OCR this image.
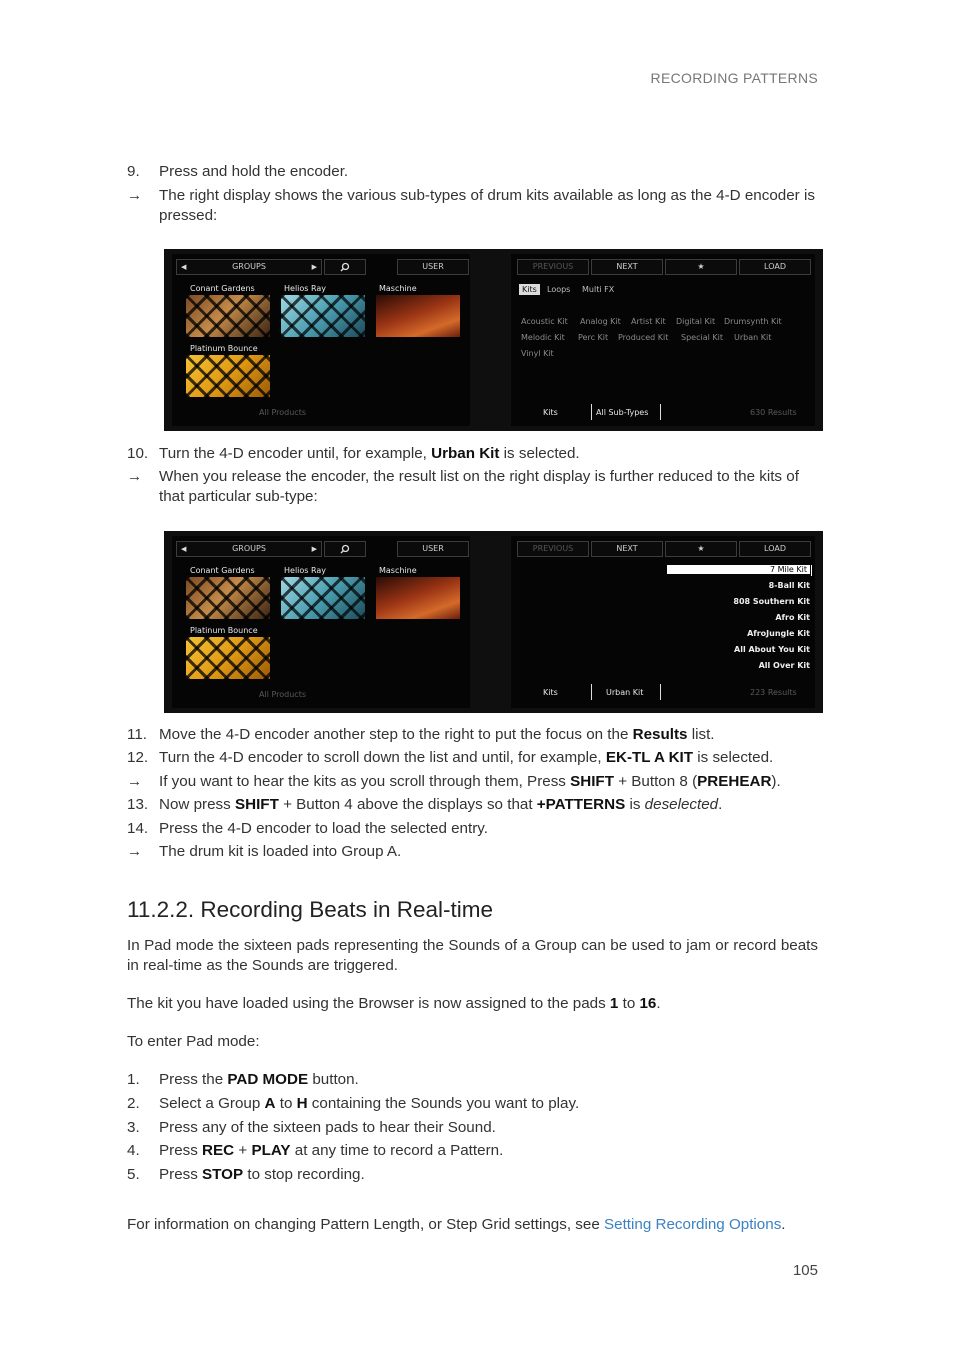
RECORDING PATTERNS
9. Press and hold the encoder.
→ The right display shows the various sub-types of drum kits available as long as the 4-D encoder is pressed:
◀	GROUPS	▶	USER
Conant Gardens	Helios Ray	Maschine
Platinum Bounce
All Products
PREVIOUS	NEXT	★	LOAD
Kits	Loops	Multi FX
Acoustic Kit Analog Kit Artist Kit Digital Kit Drumsynth Kit
Melodic Kit Perc Kit Produced Kit Special Kit Urban Kit
Vinyl Kit
Kits	All Sub-Types	630 Results
10. Turn the 4-D encoder until, for example, Urban Kit is selected.
→ When you release the encoder, the result list on the right display is further reduced to the kits of that particular sub-type:
◀	GROUPS	▶	USER
Conant Gardens	Helios Ray	Maschine
Platinum Bounce
All Products
PREVIOUS	NEXT	★	LOAD
7 Mile Kit
8-Ball Kit
808 Southern Kit
Afro Kit
AfroJungle Kit
All About You Kit
All Over Kit
Kits	Urban Kit	223 Results
11. Move the 4-D encoder another step to the right to put the focus on the Results list.
12. Turn the 4-D encoder to scroll down the list and until, for example, EK-TL A KIT is selected.
→ If you want to hear the kits as you scroll through them, Press SHIFT + Button 8 (PREHEAR).
13. Now press SHIFT + Button 4 above the displays so that +PATTERNS is deselected.
14. Press the 4-D encoder to load the selected entry.
→ The drum kit is loaded into Group A.
11.2.2. Recording Beats in Real-time
In Pad mode the sixteen pads representing the Sounds of a Group can be used to jam or record beats in real-time as the Sounds are triggered.
The kit you have loaded using the Browser is now assigned to the pads 1 to 16.
To enter Pad mode:
1. Press the PAD MODE button.
2. Select a Group A to H containing the Sounds you want to play.
3. Press any of the sixteen pads to hear their Sound.
4. Press REC + PLAY at any time to record a Pattern.
5. Press STOP to stop recording.
For information on changing Pattern Length, or Step Grid settings, see Setting Recording Options.
105
